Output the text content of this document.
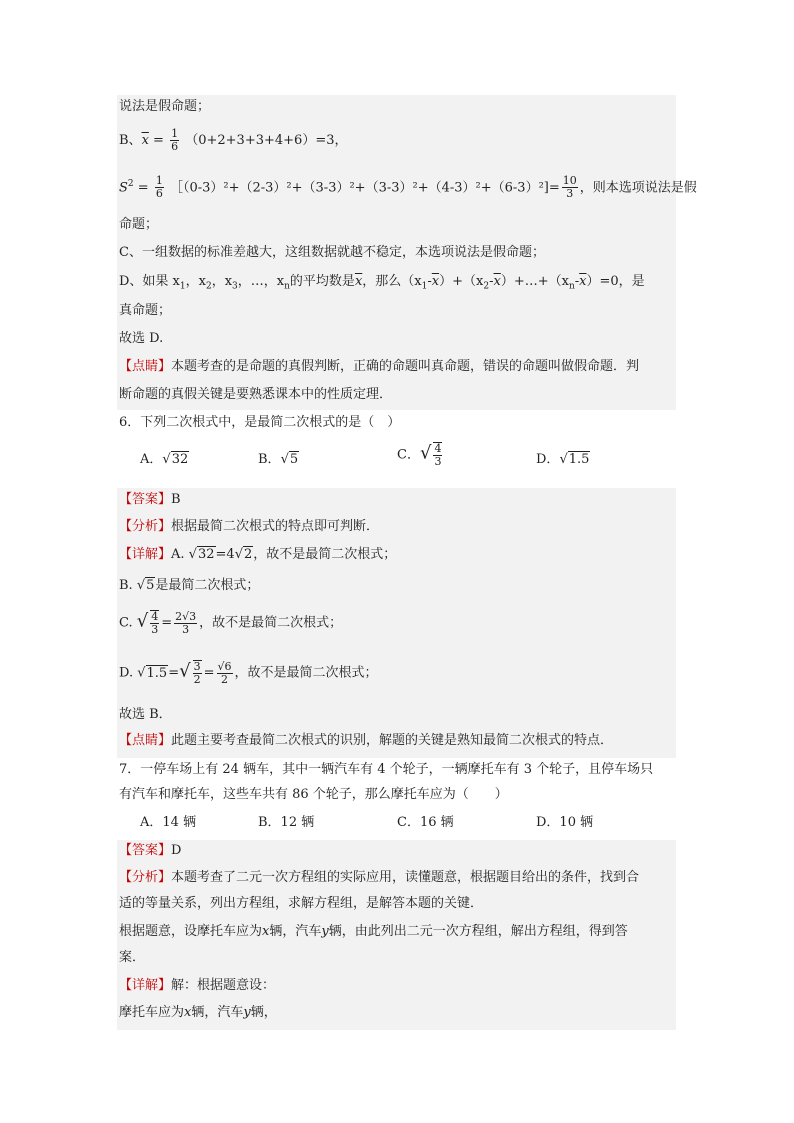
说法是假命题；
B、$\overline{x} = \frac{1}{6} (0+2+3+3+4+6)=3$，
$S^2 = \frac{1}{6}$ ［（0-3）²+（2-3）²+（3-3）²+（3-3）²+（4-3）²+（6-3）²]= $\frac{10}{3}$ ，则本选项说法是假
命题；
C、一组数据的标准差越大，这组数据就越不稳定，本选项说法是假命题；
D、如果 $x_1$，$x_2$，$x_3$，…，$x_n$的平均数是$\overline{x}$，那么$(x_1-\overline{x})+(x_2-\overline{x})+\dots+(x_n-\overline{x})=0$，是
真命题；
故选 D.
【点睛】本题考查的是命题的真假判断，正确的命题叫真命题，错误的命题叫做假命题．判
断命题的真假关键是要熟悉课本中的性质定理．
6．下列二次根式中，是最简二次根式的是（　）
A．√32	B．√5	C．√ $\frac{4}{3}$	D．√1.5
【答案】B
【分析】根据最简二次根式的特点即可判断．
【详解】A. √32=4√2，故不是最简二次根式；
B. √5是最简二次根式；
C. √ $\frac{4}{3} = \frac{2√3}{3}$ ，故不是最简二次根式；
D. $√1.5=√ \frac{3}{2} = \frac{√6}{2}$ ，故不是最简二次根式；
故选 B．
【点睛】此题主要考查最简二次根式的识别，解题的关键是熟知最简二次根式的特点．
7．一停车场上有 24 辆车，其中一辆汽车有 4 个轮子，一辆摩托车有 3 个轮子，且停车场只
有汽车和摩托车，这些车共有 86 个轮子，那么摩托车应为（　　）
A．14 辆	B．12 辆	C．16 辆	D．10 辆
【答案】D
【分析】本题考查了二元一次方程组的实际应用，读懂题意，根据题目给出的条件，找到合
适的等量关系，列出方程组，求解方程组，是解答本题的关键．
根据题意，设摩托车应为x辆，汽车y辆，由此列出二元一次方程组，解出方程组，得到答
案．
【详解】解：根据题意设：
摩托车应为x辆，汽车y辆，
